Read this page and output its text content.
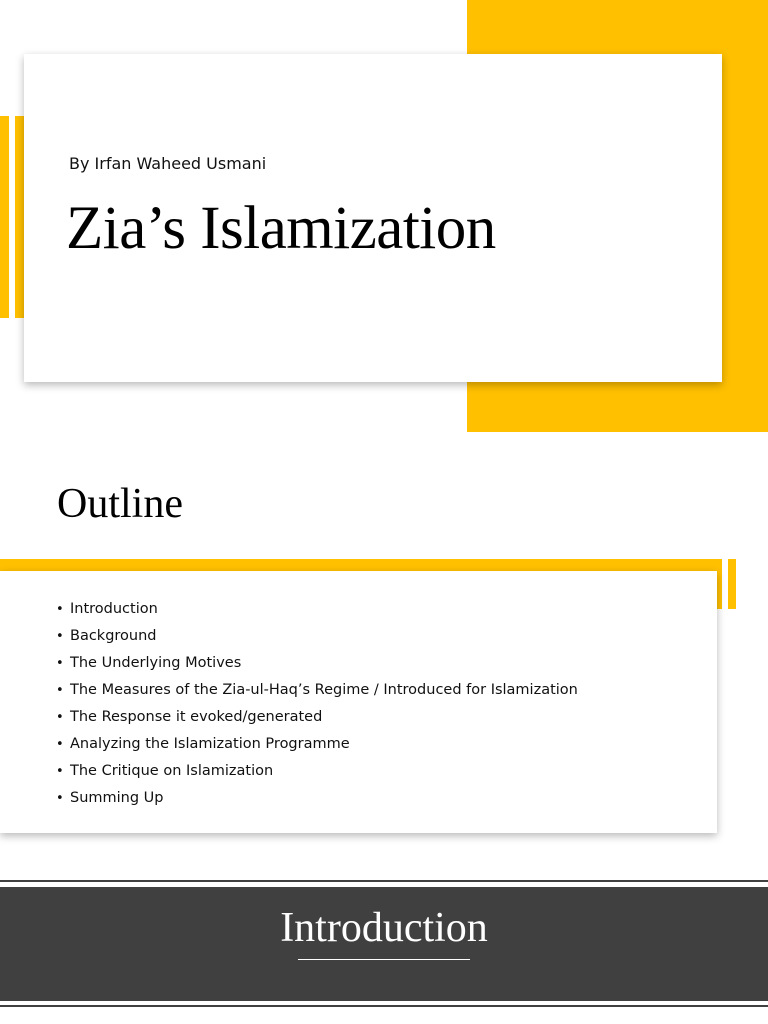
By Irfan Waheed Usmani
Zia’s Islamization
Outline
• Introduction
• Background
• The Underlying Motives
• The Measures of the Zia-ul-Haq’s Regime / Introduced for Islamization
• The Response it evoked/generated
• Analyzing the Islamization Programme
• The Critique on Islamization
• Summing Up
Introduction
